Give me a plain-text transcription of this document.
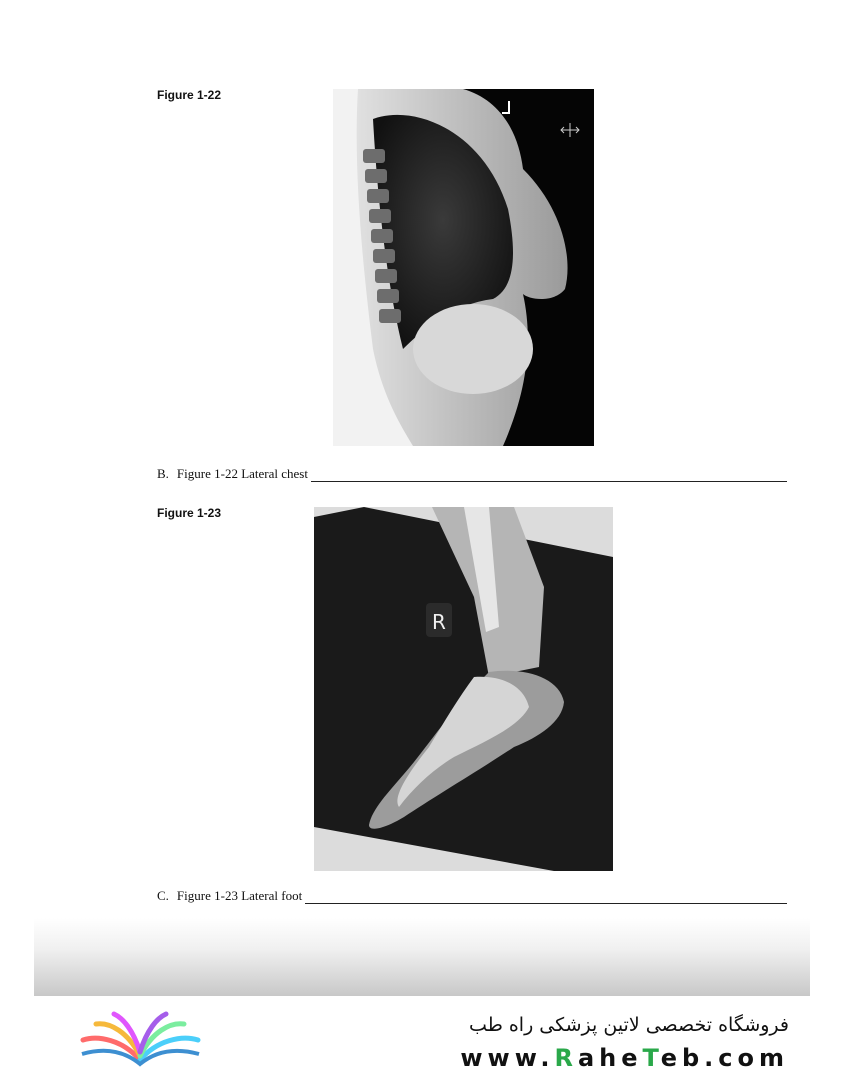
Figure 1-22
B. Figure 1-22 Lateral chest
Figure 1-23
R
C. Figure 1-23 Lateral foot
فروشگاه تخصصی لاتین پزشکی راه طب
www.RaheTeb.com
